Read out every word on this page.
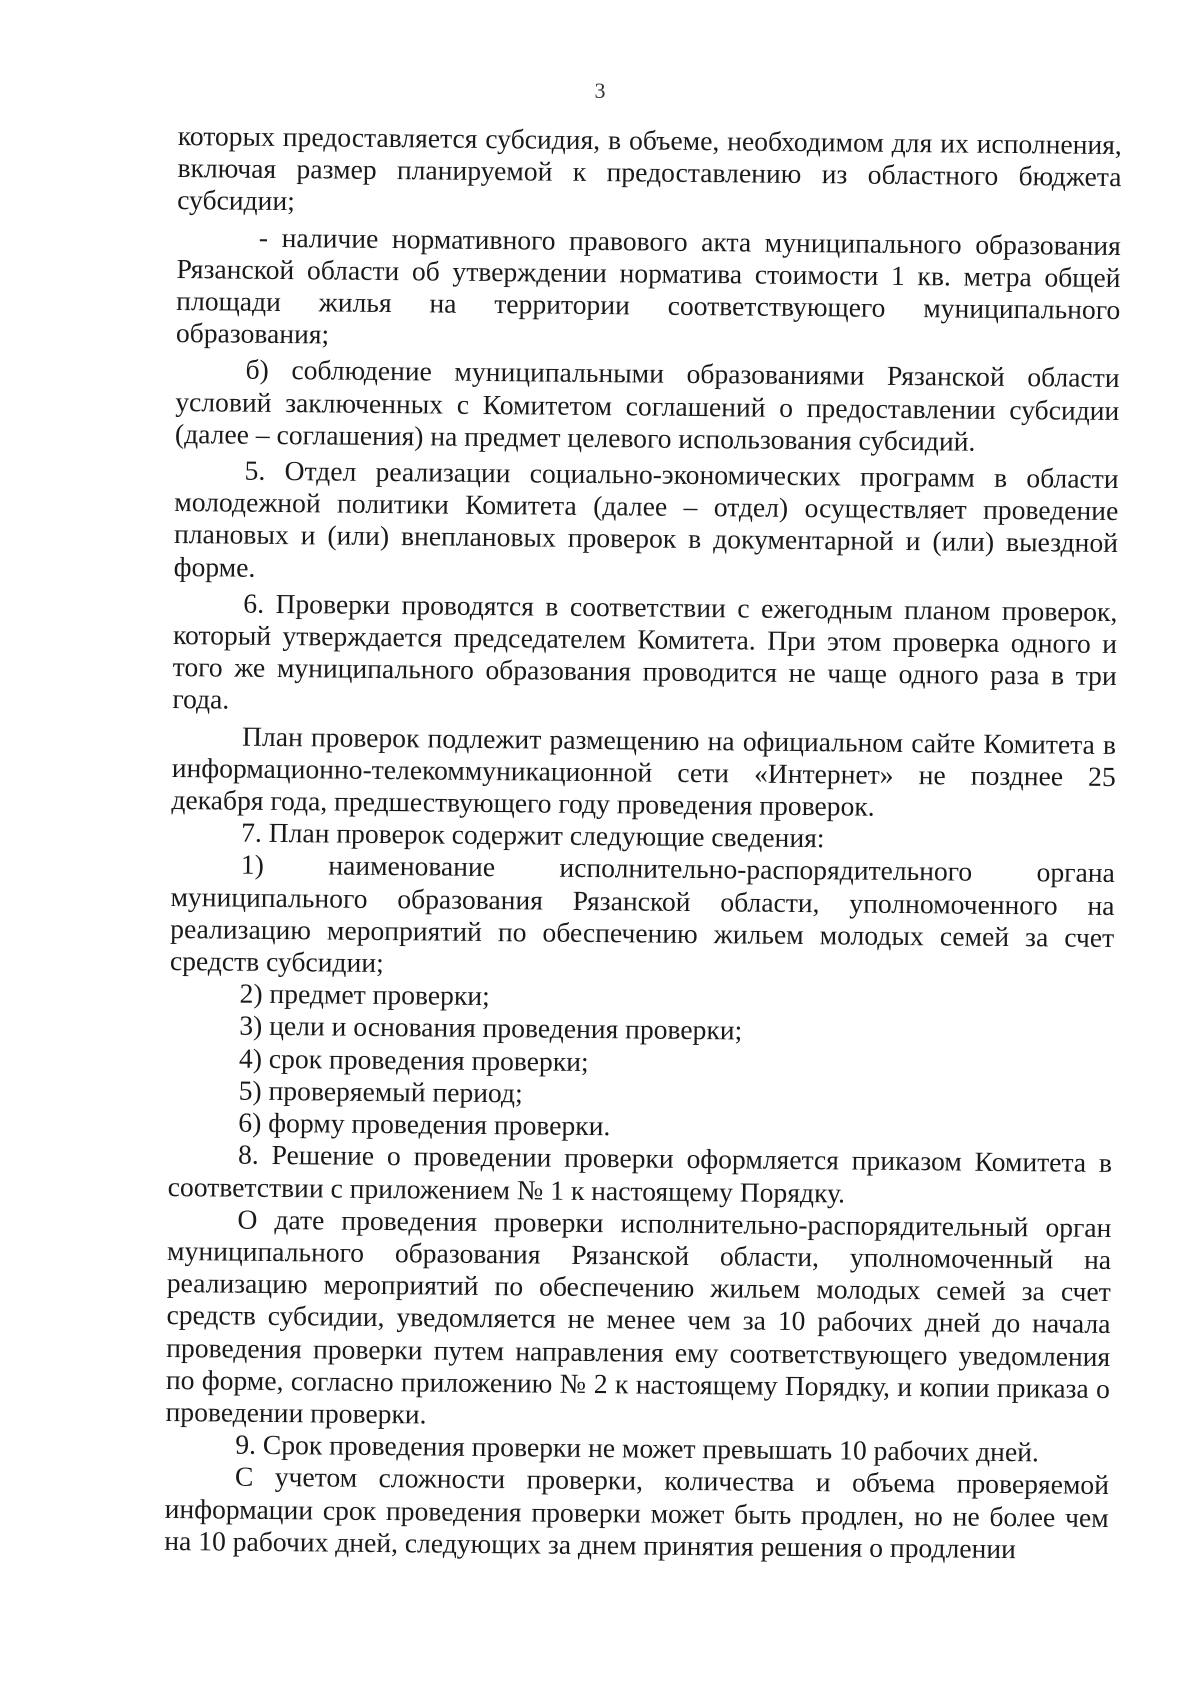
3

которых предоставляется субсидия, в объеме, необходимом для их исполнения, включая размер планируемой к предоставлению из областного бюджета субсидии;

- наличие нормативного правового акта муниципального образования Рязанской области об утверждении норматива стоимости 1 кв. метра общей площади жилья на территории соответствующего муниципального образования;

б) соблюдение муниципальными образованиями Рязанской области условий заключенных с Комитетом соглашений о предоставлении субсидии (далее – соглашения) на предмет целевого использования субсидий.

5. Отдел реализации социально-экономических программ в области молодежной политики Комитета (далее – отдел) осуществляет проведение плановых и (или) внеплановых проверок в документарной и (или) выездной форме.

6. Проверки проводятся в соответствии с ежегодным планом проверок, который утверждается председателем Комитета. При этом проверка одного и того же муниципального образования проводится не чаще одного раза в три года.

План проверок подлежит размещению на официальном сайте Комитета в информационно-телекоммуникационной сети «Интернет» не позднее 25 декабря года, предшествующего году проведения проверок.

7. План проверок содержит следующие сведения:

1) наименование исполнительно-распорядительного органа муниципального образования Рязанской области, уполномоченного на реализацию мероприятий по обеспечению жильем молодых семей за счет средств субсидии;

2) предмет проверки;

3) цели и основания проведения проверки;

4) срок проведения проверки;

5) проверяемый период;

6) форму проведения проверки.

8. Решение о проведении проверки оформляется приказом Комитета в соответствии с приложением № 1 к настоящему Порядку.

О дате проведения проверки исполнительно-распорядительный орган муниципального образования Рязанской области, уполномоченный на реализацию мероприятий по обеспечению жильем молодых семей за счет средств субсидии, уведомляется не менее чем за 10 рабочих дней до начала проведения проверки путем направления ему соответствующего уведомления по форме, согласно приложению № 2 к настоящему Порядку, и копии приказа о проведении проверки.

9. Срок проведения проверки не может превышать 10 рабочих дней.

С учетом сложности проверки, количества и объема проверяемой информации срок проведения проверки может быть продлен, но не более чем на 10 рабочих дней, следующих за днем принятия решения о продлении
